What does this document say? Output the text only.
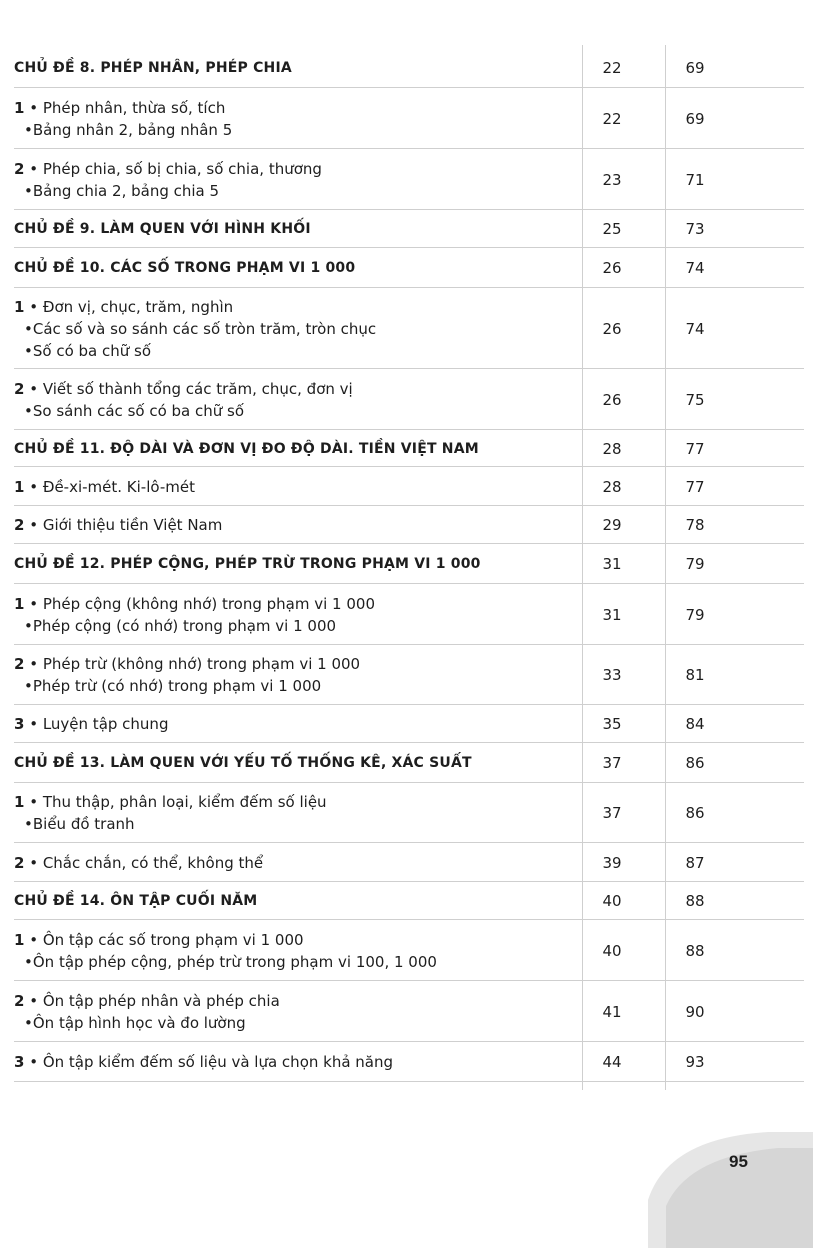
CHỦ ĐỀ 8. PHÉP NHÂN, PHÉP CHIA	22	69
1 • Phép nhân, thừa số, tích
•Bảng nhân 2, bảng nhân 5
22	69
2 • Phép chia, số bị chia, số chia, thương
•Bảng chia 2, bảng chia 5
23	71
CHỦ ĐỀ 9. LÀM QUEN VỚI HÌNH KHỐI	25	73
CHỦ ĐỀ 10. CÁC SỐ TRONG PHẠM VI 1 000	26	74
1 • Đơn vị, chục, trăm, nghìn
•Các số và so sánh các số tròn trăm, tròn chục
•Số có ba chữ số
26	74
2 • Viết số thành tổng các trăm, chục, đơn vị
•So sánh các số có ba chữ số
26	75
CHỦ ĐỀ 11. ĐỘ DÀI VÀ ĐƠN VỊ ĐO ĐỘ DÀI. TIỀN VIỆT NAM	28	77
1 • Đề-xi-mét. Ki-lô-mét	28	77
2 • Giới thiệu tiền Việt Nam	29	78
CHỦ ĐỀ 12. PHÉP CỘNG, PHÉP TRỪ TRONG PHẠM VI 1 000	31	79
1 • Phép cộng (không nhớ) trong phạm vi 1 000
•Phép cộng (có nhớ) trong phạm vi 1 000
31	79
2 • Phép trừ (không nhớ) trong phạm vi 1 000
•Phép trừ (có nhớ) trong phạm vi 1 000
33	81
3 • Luyện tập chung	35	84
CHỦ ĐỀ 13. LÀM QUEN VỚI YẾU TỐ THỐNG KÊ, XÁC SUẤT	37	86
1 • Thu thập, phân loại, kiểm đếm số liệu
•Biểu đồ tranh
37	86
2 • Chắc chắn, có thể, không thể	39	87
CHỦ ĐỀ 14. ÔN TẬP CUỐI NĂM	40	88
1 • Ôn tập các số trong phạm vi 1 000
•Ôn tập phép cộng, phép trừ trong phạm vi 100, 1 000
40	88
2 • Ôn tập phép nhân và phép chia
•Ôn tập hình học và đo lường
41	90
3 • Ôn tập kiểm đếm số liệu và lựa chọn khả năng	44	93
95
